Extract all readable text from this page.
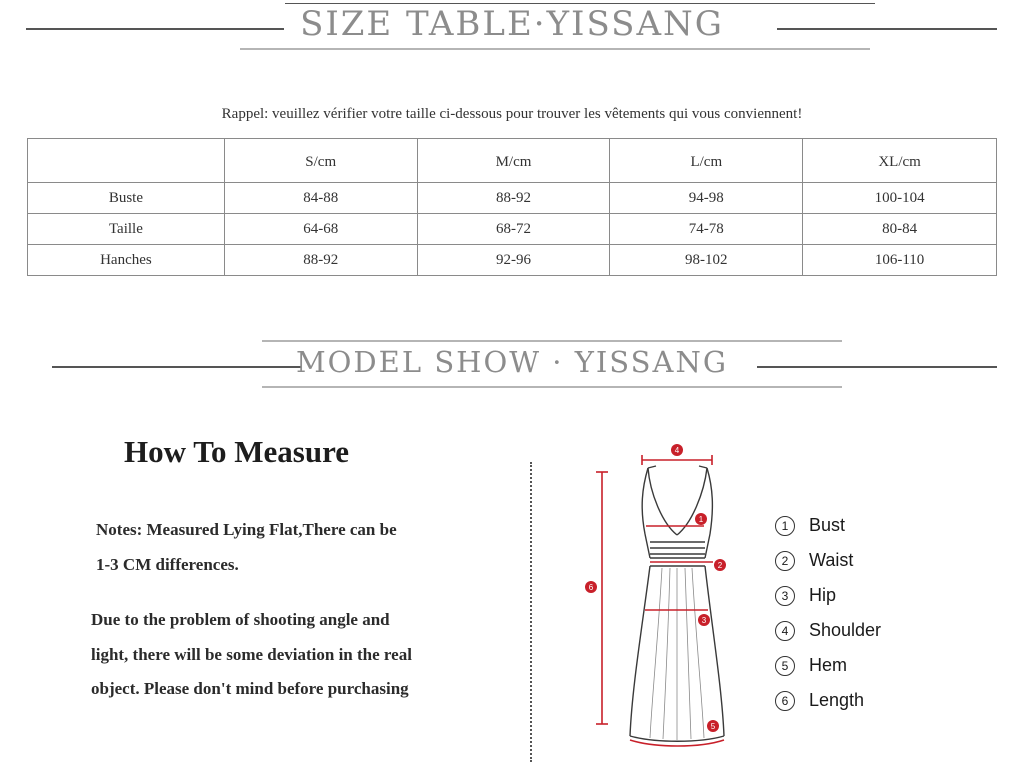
SIZE TABLE·YISSANG
Rappel: veuillez vérifier votre taille ci-dessous pour trouver les vêtements qui vous conviennent!
	S/cm	M/cm	L/cm	XL/cm
Buste	84-88	88-92	94-98	100-104
Taille	64-68	68-72	74-78	80-84
Hanches	88-92	92-96	98-102	106-110
MODEL SHOW · YISSANG
How To Measure
Notes: Measured Lying Flat,There can be
1-3 CM differences.
Due to the problem of shooting angle and
light, there will be some deviation in the real
object. Please don't mind before purchasing
4
1
2
6
3
5
1	Bust
2	Waist
3	Hip
4	Shoulder
5	Hem
6	Length
